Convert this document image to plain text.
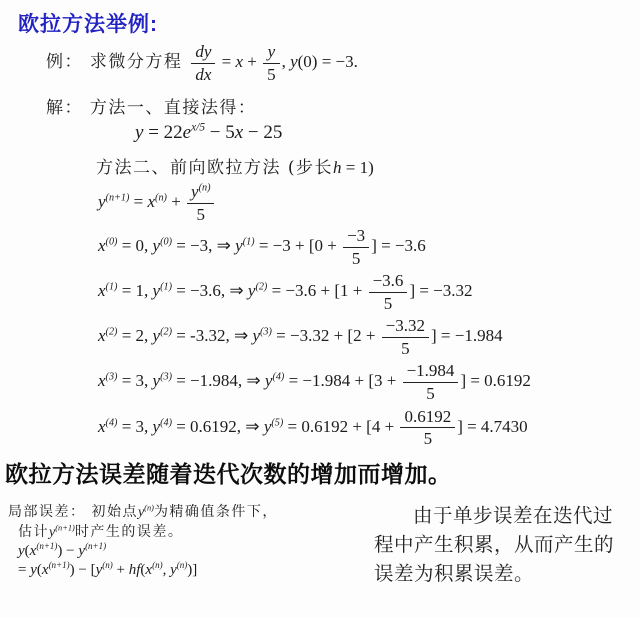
欧拉方法举例:
例： 求微分方程 $\frac{dy}{dx} = x + \frac{y}{5}$ , y(0) = −3.
解： 方法一、直接法得：
$y = 22e^{x/5} - 5x - 25$
方法二、前向欧拉方法 (步长h = 1)
$y^{(n+1)} = x^{(n)} + \frac{y^{(n)}}{5}$
$x^{(0)} = 0$, $y^{(0)} = -3$, ⇒ $y^{(1)} = -3 + [0 + \frac{-3}{5}$ ] = −3.6
$x^{(1)} = 1$, $y^{(1)} = -3.6$, ⇒ $y^{(2)} = -3.6 + [1 + \frac{-3.6}{5}$ ] = −3.32
$x^{(2)} = 2$, $y^{(2)} = -3.32$, ⇒ $y^{(3)} = -3.32 + [2 + \frac{-3.32}{5}$ ] = −1.984
$x^{(3)} = 3$, $y^{(3)} = -1.984$, ⇒ $y^{(4)} = -1.984 + [3 + \frac{-1.984}{5}$ ] = 0.6192
$x^{(4)} = 3$, $y^{(4)} = 0.6192$, ⇒ $y^{(5)} = 0.6192 + [4 + \frac{0.6192}{5}$ ] = 4.7430
欧拉方法误差随着迭代次数的增加而增加。
局部误差： 初始点$y^{(n)}$为精确值条件下，
估计$y^{(n+1)}$时产生的误差。
$y(x^{(n+1)}) - y^{(n+1)}$
= $y(x^{(n+1)}) - [y^{(n)} + hf(x^{(n)}$, $y^{(n)}$)]
由于单步误差在迭代过程中产生积累，从而产生的误差为积累误差。
